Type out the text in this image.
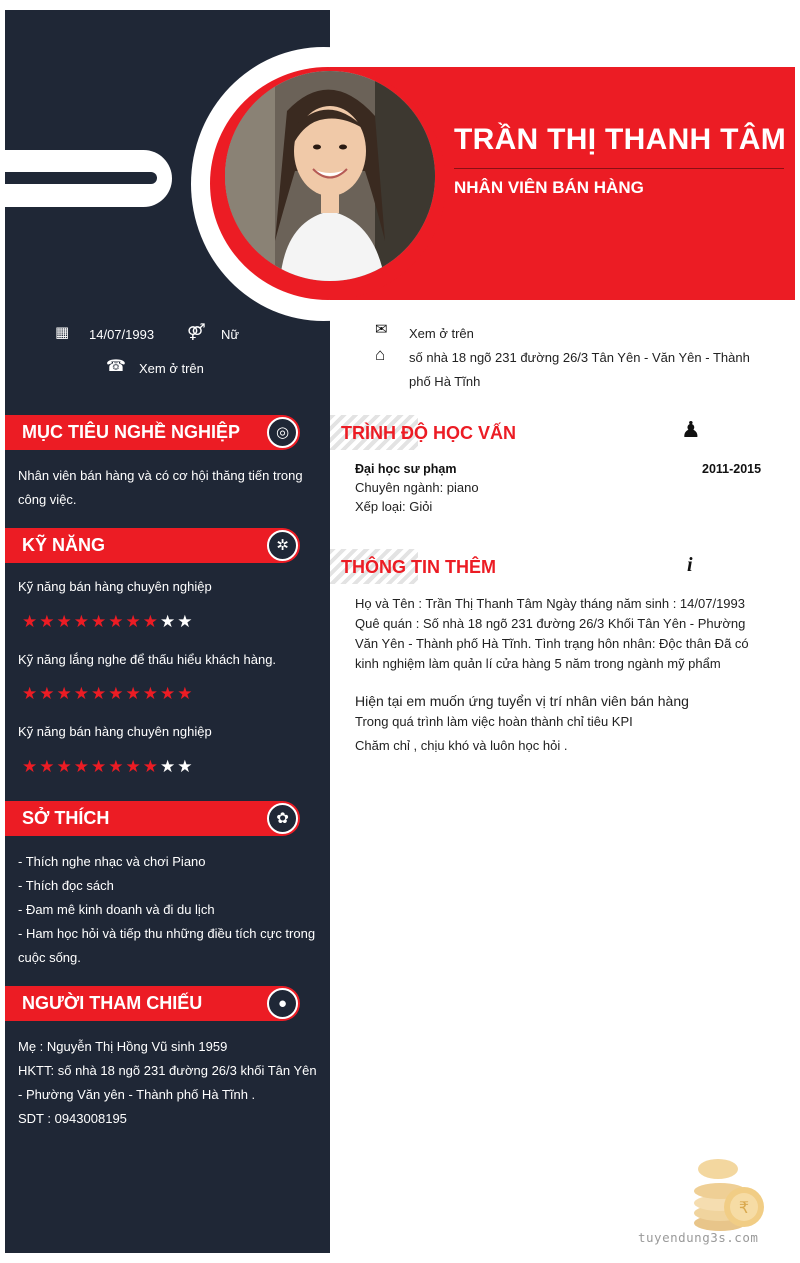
TRẦN THỊ THANH TÂM
NHÂN VIÊN BÁN HÀNG
▦ 14/07/1993 ⚤ Nữ
☎ Xem ở trên
✉ Xem ở trên
⌂ số nhà 18 ngõ 231 đường 26/3 Tân Yên - Văn Yên - Thành phố Hà Tĩnh
MỤC TIÊU NGHỀ NGHIỆP	◎
Nhân viên bán hàng và có cơ hội thăng tiến trong công việc.
KỸ NĂNG	✲
Kỹ năng bán hàng chuyên nghiệp
★★★★★★★★★★
Kỹ năng lắng nghe để thấu hiểu khách hàng.
★★★★★★★★★★
Kỹ năng bán hàng chuyên nghiệp
★★★★★★★★★★
SỞ THÍCH	✿
- Thích nghe nhạc và chơi Piano
- Thích đọc sách
- Đam mê kinh doanh và đi du lịch
- Ham học hỏi và tiếp thu những điều tích cực trong cuộc sống.
NGƯỜI THAM CHIẾU	●
Mẹ : Nguyễn Thị Hồng Vũ sinh 1959
HKTT: số nhà 18 ngõ 231 đường 26/3 khối Tân Yên - Phường Văn yên - Thành phố Hà Tĩnh .
SDT : 0943008195
TRÌNH ĐỘ HỌC VẤN	♟
Đại học sư phạm	2011-2015
Chuyên ngành: piano
Xếp loại: Giỏi
THÔNG TIN THÊM	i
Họ và Tên : Trần Thị Thanh Tâm Ngày tháng năm sinh : 14/07/1993 Quê quán : Số nhà 18 ngõ 231 đường 26/3 Khối Tân Yên - Phường Văn Yên - Thành phố Hà Tĩnh. Tình trạng hôn nhân: Độc thân Đã có kinh nghiệm làm quản lí cửa hàng 5 năm trong ngành mỹ phẩm
Hiện tại em muốn ứng tuyển vị trí nhân viên bán hàng
Trong quá trình làm việc hoàn thành chỉ tiêu KPI
Chăm chỉ , chịu khó và luôn học hỏi .
₹
tuyendung3s.com
